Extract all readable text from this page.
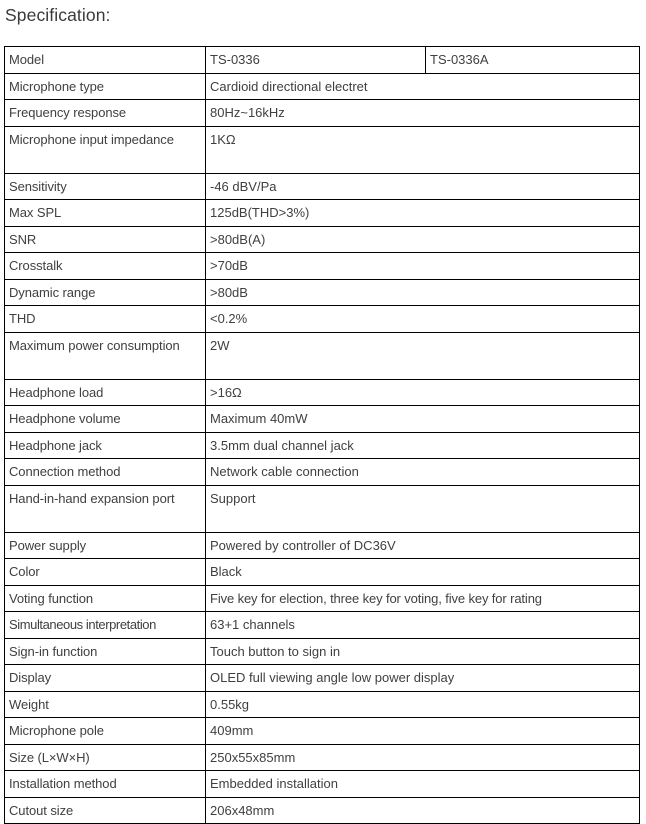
Specification:
Model	TS-0336	TS-0336A
Microphone type	Cardioid directional electret	
Frequency response	80Hz~16kHz	
Microphone input impedance	1KΩ	
Sensitivity	-46 dBV/Pa	
Max SPL	125dB(THD>3%)	
SNR	>80dB(A)	
Crosstalk	>70dB	
Dynamic range	>80dB	
THD	<0.2%	
Maximum power consumption	2W	
Headphone load	>16Ω	
Headphone volume	Maximum 40mW	
Headphone jack	3.5mm dual channel jack	
Connection method	Network cable connection	
Hand-in-hand expansion port	Support	
Power supply	Powered by controller of DC36V	
Color	Black	
Voting function	Five key for election, three key for voting, five key for rating	
Simultaneous interpretation	63+1 channels	
Sign-in function	Touch button to sign in	
Display	OLED full viewing angle low power display	
Weight	0.55kg	
Microphone pole	409mm	
Size (L×W×H)	250x55x85mm	
Installation method	Embedded installation	
Cutout size	206x48mm	
